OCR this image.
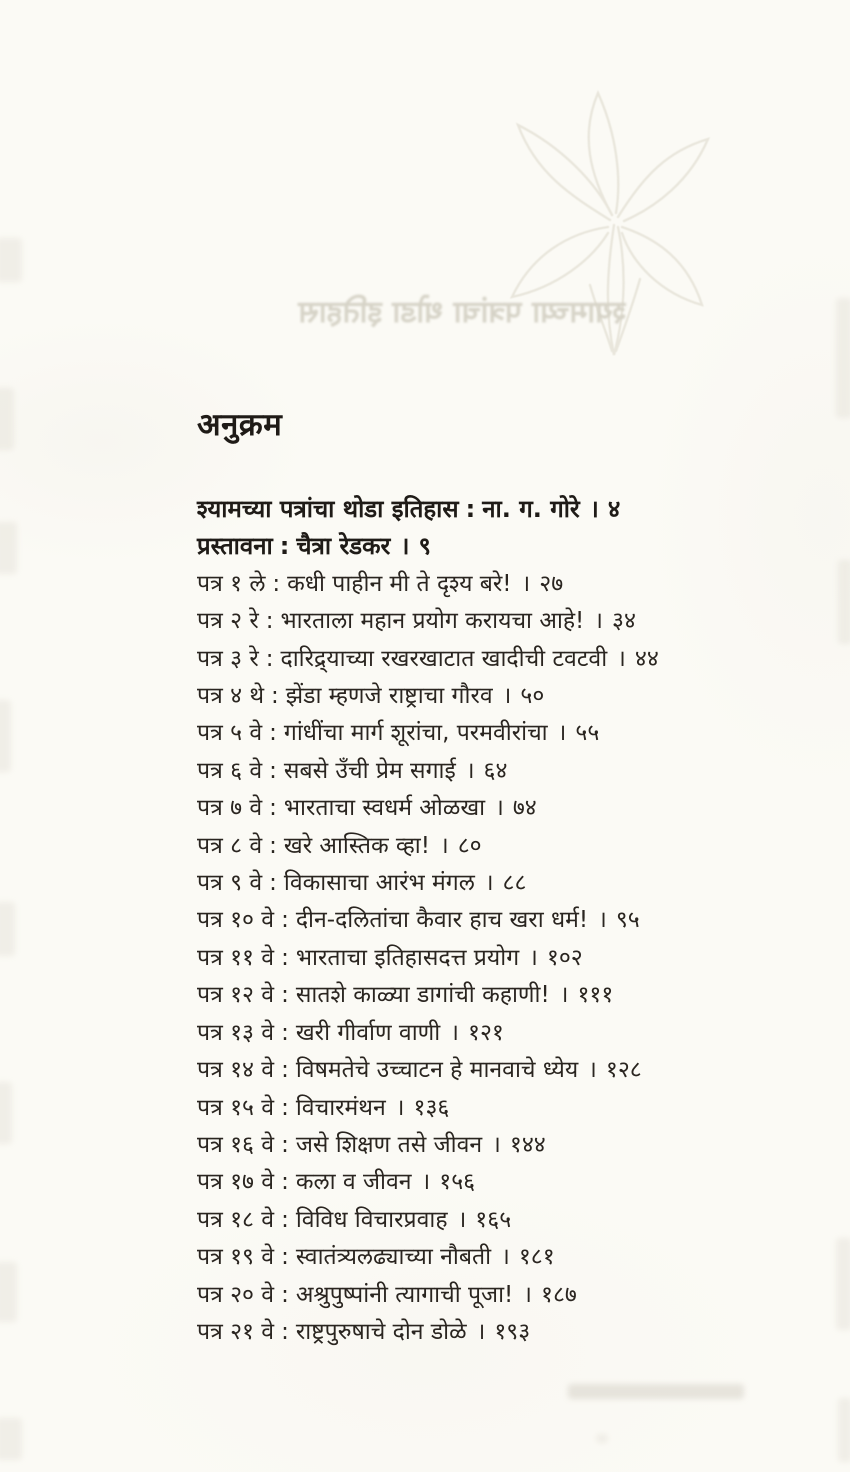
श्यामच्या पत्रांचा थोडा इतिहास
अनुक्रम
श्यामच्या पत्रांचा थोडा इतिहास : ना. ग. गोरे । ४
प्रस्तावना : चैत्रा रेडकर । ९
पत्र १ ले : कधी पाहीन मी ते दृश्य बरे! । २७
पत्र २ रे : भारताला महान प्रयोग करायचा आहे! । ३४
पत्र ३ रे : दारिद्र्याच्या रखरखाटात खादीची टवटवी । ४४
पत्र ४ थे : झेंडा म्हणजे राष्ट्राचा गौरव । ५०
पत्र ५ वे : गांधींचा मार्ग शूरांचा, परमवीरांचा । ५५
पत्र ६ वे : सबसे उँची प्रेम सगाई । ६४
पत्र ७ वे : भारताचा स्वधर्म ओळखा । ७४
पत्र ८ वे : खरे आस्तिक व्हा! । ८०
पत्र ९ वे : विकासाचा आरंभ मंगल । ८८
पत्र १० वे : दीन-दलितांचा कैवार हाच खरा धर्म! । ९५
पत्र ११ वे : भारताचा इतिहासदत्त प्रयोग । १०२
पत्र १२ वे : सातशे काळ्या डागांची कहाणी! । १११
पत्र १३ वे : खरी गीर्वाण वाणी । १२१
पत्र १४ वे : विषमतेचे उच्चाटन हे मानवाचे ध्येय । १२८
पत्र १५ वे : विचारमंथन । १३६
पत्र १६ वे : जसे शिक्षण तसे जीवन । १४४
पत्र १७ वे : कला व जीवन । १५६
पत्र १८ वे : विविध विचारप्रवाह । १६५
पत्र १९ वे : स्वातंत्र्यलढ्याच्या नौबती । १८१
पत्र २० वे : अश्रुपुष्पांनी त्यागाची पूजा! । १८७
पत्र २१ वे : राष्ट्रपुरुषाचे दोन डोळे । १९३
